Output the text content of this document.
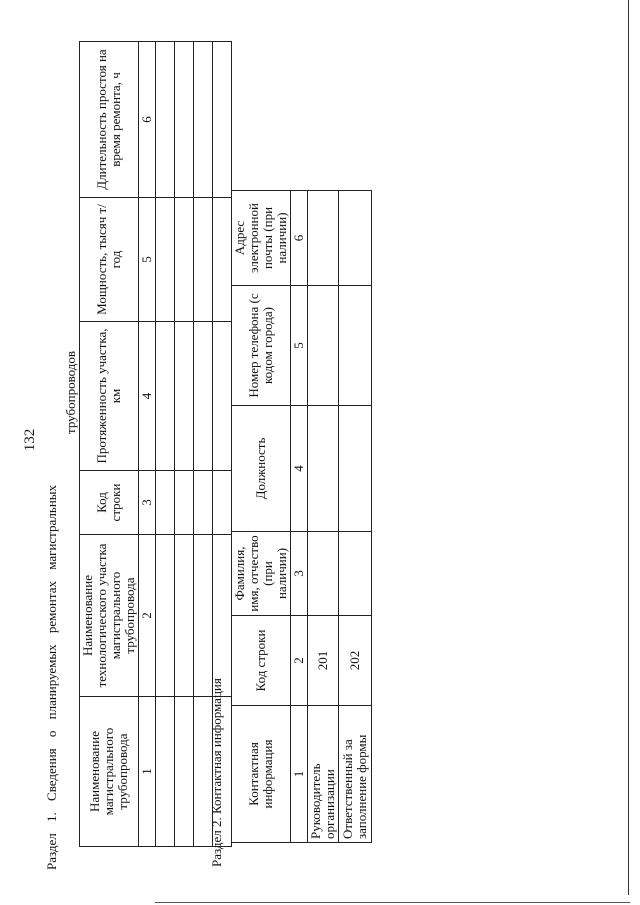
132
Раздел 1. Сведения о планируемых ремонтах магистральных
трубопроводов
Наименование магистрального трубопровода	Наименование технологического участка магистрального трубопровода	Код строки	Протяженность участка, км	Мощность, тысяч т/год	Длительность простоя на время ремонта, ч
1	2	3	4	5	6

Раздел 2. Контактная информация Контактная информация	Код строки	Фамилия, имя, отчество (при наличии)	Должность	Номер телефона (с кодом города)	Адрес электронной почты (при наличии)
1	2	3	4	5	6
Руководитель организации	201				
Ответственный за заполнение формы	202				
